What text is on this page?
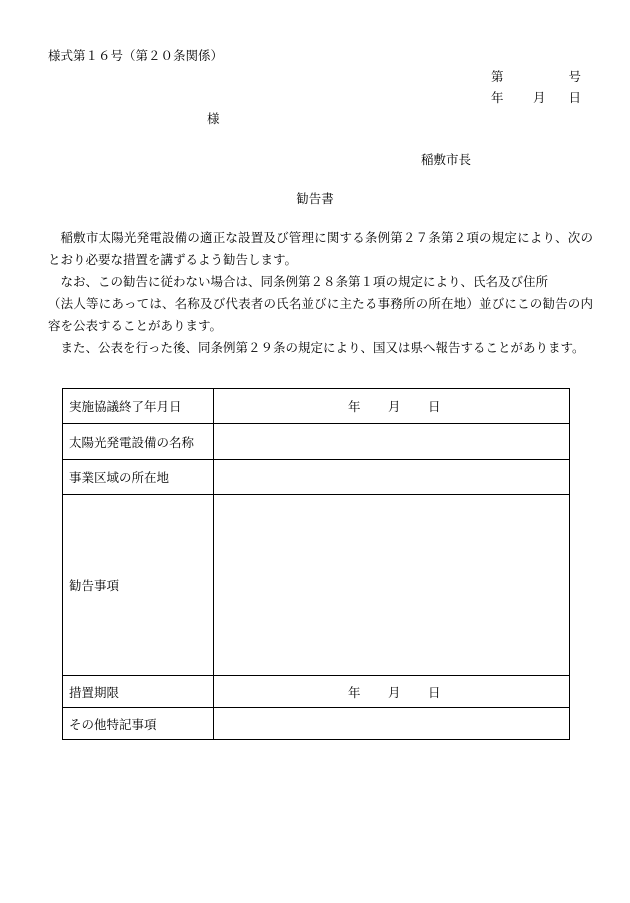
様式第１６号（第２０条関係）
第	号
年 月 日
様
稲敷市長
勧告書

稲敷市太陽光発電設備の適正な設置及び管理に関する条例第２７条第２項の規定により、次のとおり必要な措置を講ずるよう勧告します。

なお、この勧告に従わない場合は、同条例第２８条第１項の規定により、氏名及び住所

（法人等にあっては、名称及び代表者の氏名並びに主たる事務所の所在地）並びにこの勧告の内容を公表することがあります。

また、公表を行った後、同条例第２９条の規定により、国又は県へ報告することがあります。

実施協議終了年月日	年 月 日

太陽光発電設備の名称	
事業区域の所在地	
勧告事項	
措置期限	年 月 日

その他特記事項	
